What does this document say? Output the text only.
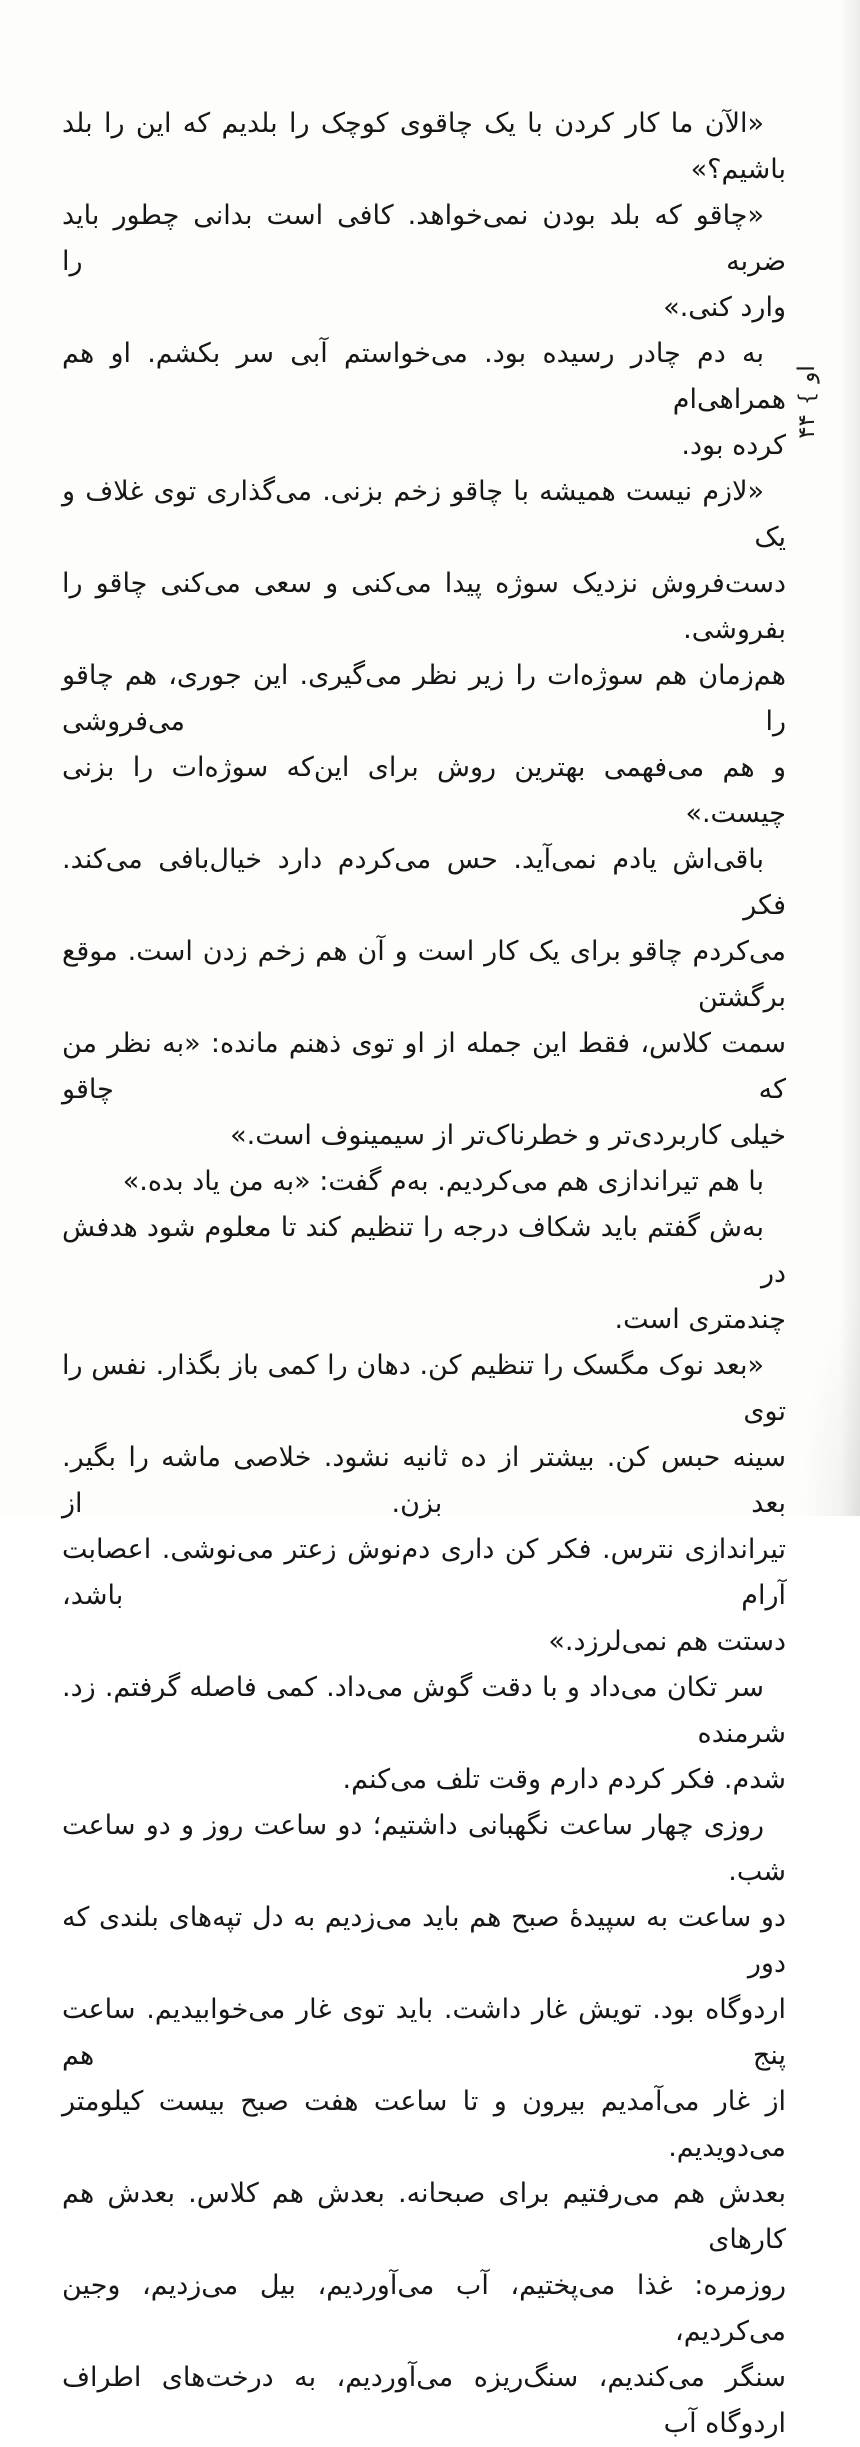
او}۴۴
«الآن ما کار کردن با یک چاقوی کوچک را بلدیم که این را بلد باشیم؟»
«چاقو که بلد بودن نمی‌خواهد. کافی است بدانی چطور باید ضربه را
وارد کنی.»
به دم چادر رسیده بود. می‌خواستم آبی سر بکشم. او هم همراهی‌ام
کرده بود.
«لازم نیست همیشه با چاقو زخم بزنی. می‌گذاری توی غلاف و یک
دست‌فروش نزدیک سوژه پیدا می‌کنی و سعی می‌کنی چاقو را بفروشی.
هم‌زمان هم سوژه‌ات را زیر نظر می‌گیری. این جوری، هم چاقو را می‌فروشی
و هم می‌فهمی بهترین روش برای این‌که سوژه‌ات را بزنی چیست.»
باقی‌اش یادم نمی‌آید. حس می‌کردم دارد خیال‌بافی می‌کند. فکر
می‌کردم چاقو برای یک کار است و آن هم زخم زدن است. موقع برگشتن
سمت کلاس، فقط این جمله از او توی ذهنم مانده: «به نظر من که چاقو
خیلی کاربردی‌تر و خطرناک‌تر از سیمینوف است.»
با هم تیراندازی هم می‌کردیم. به‌م گفت: «به من یاد بده.»
به‌ش گفتم باید شکاف درجه را تنظیم کند تا معلوم شود هدفش در
چندمتری است.
«بعد نوک مگسک را تنظیم کن. دهان را کمی باز بگذار. نفس را توی
سینه حبس کن. بیشتر از ده ثانیه نشود. خلاصی ماشه را بگیر. بعد بزن. از
تیراندازی نترس. فکر کن داری دم‌نوش زعتر می‌نوشی. اعصابت آرام باشد،
دستت هم نمی‌لرزد.»
سر تکان می‌داد و با دقت گوش می‌داد. کمی فاصله گرفتم. زد. شرمنده
شدم. فکر کردم دارم وقت تلف می‌کنم.
روزی چهار ساعت نگهبانی داشتیم؛ دو ساعت روز و دو ساعت شب.
دو ساعت به سپیدهٔ صبح هم باید می‌زدیم به دل تپه‌های بلندی که دور
اردوگاه بود. تویش غار داشت. باید توی غار می‌خوابیدیم. ساعت پنج هم
از غار می‌آمدیم بیرون و تا ساعت هفت صبح بیست کیلومتر می‌دویدیم.
بعدش هم می‌رفتیم برای صبحانه. بعدش هم کلاس. بعدش هم کارهای
روزمره: غذا می‌پختیم، آب می‌آوردیم، بیل می‌زدیم، وجین می‌کردیم،
سنگر می‌کندیم، سنگ‌ریزه می‌آوردیم، به درخت‌های اطراف اردوگاه آب
